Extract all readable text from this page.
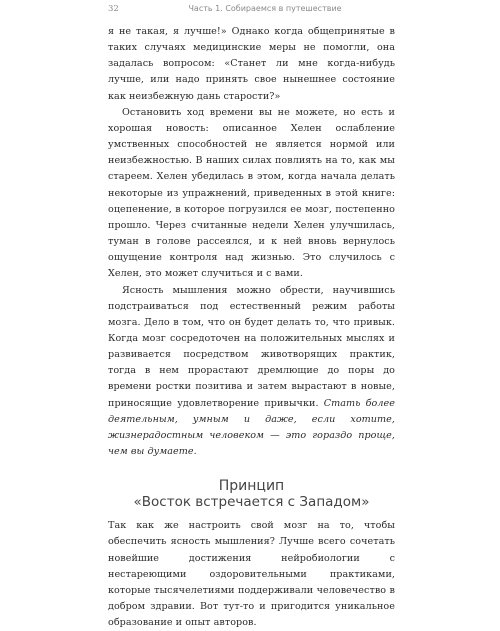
32	Часть 1. Собираемся в путешествие

я не такая, я лучше!» Однако когда общепринятые в таких случаях медицинские меры не помогли, она задалась вопросом: «Станет ли мне когда-нибудь лучше, или надо принять свое нынешнее состояние как неизбежную дань старости?»

Остановить ход времени вы не можете, но есть и хорошая новость: описанное Хелен ослабление умственных способностей не является нормой или неизбежностью. В наших силах повлиять на то, как мы стареем. Хелен убедилась в этом, когда начала делать некоторые из упражнений, приведенных в этой книге: оцепенение, в которое погрузился ее мозг, постепенно прошло. Через считанные недели Хелен улучшилась, туман в голове рассеялся, и к ней вновь вернулось ощущение контроля над жизнью. Это случилось с Хелен, это может случиться и с вами.

Ясность мышления можно обрести, научившись подстраиваться под естественный режим работы мозга. Дело в том, что он будет делать то, что привык. Когда мозг сосредоточен на положительных мыслях и развивается посредством животворящих практик, тогда в нем прорастают дремлющие до поры до времени ростки позитива и затем вырастают в новые, приносящие удовлетворение привычки. Стать более деятельным, умным и даже, если хотите, жизнерадостным человеком — это гораздо проще, чем вы думаете.

Принцип
«Восток встречается с Западом»

Так как же настроить свой мозг на то, чтобы обеспечить ясность мышления? Лучше всего сочетать новейшие достижения нейробиологии с нестареющими оздоровительными практиками, которые тысячелетиями поддерживали человечество в добром здравии. Вот тут-то и пригодится уникальное образование и опыт авторов.
